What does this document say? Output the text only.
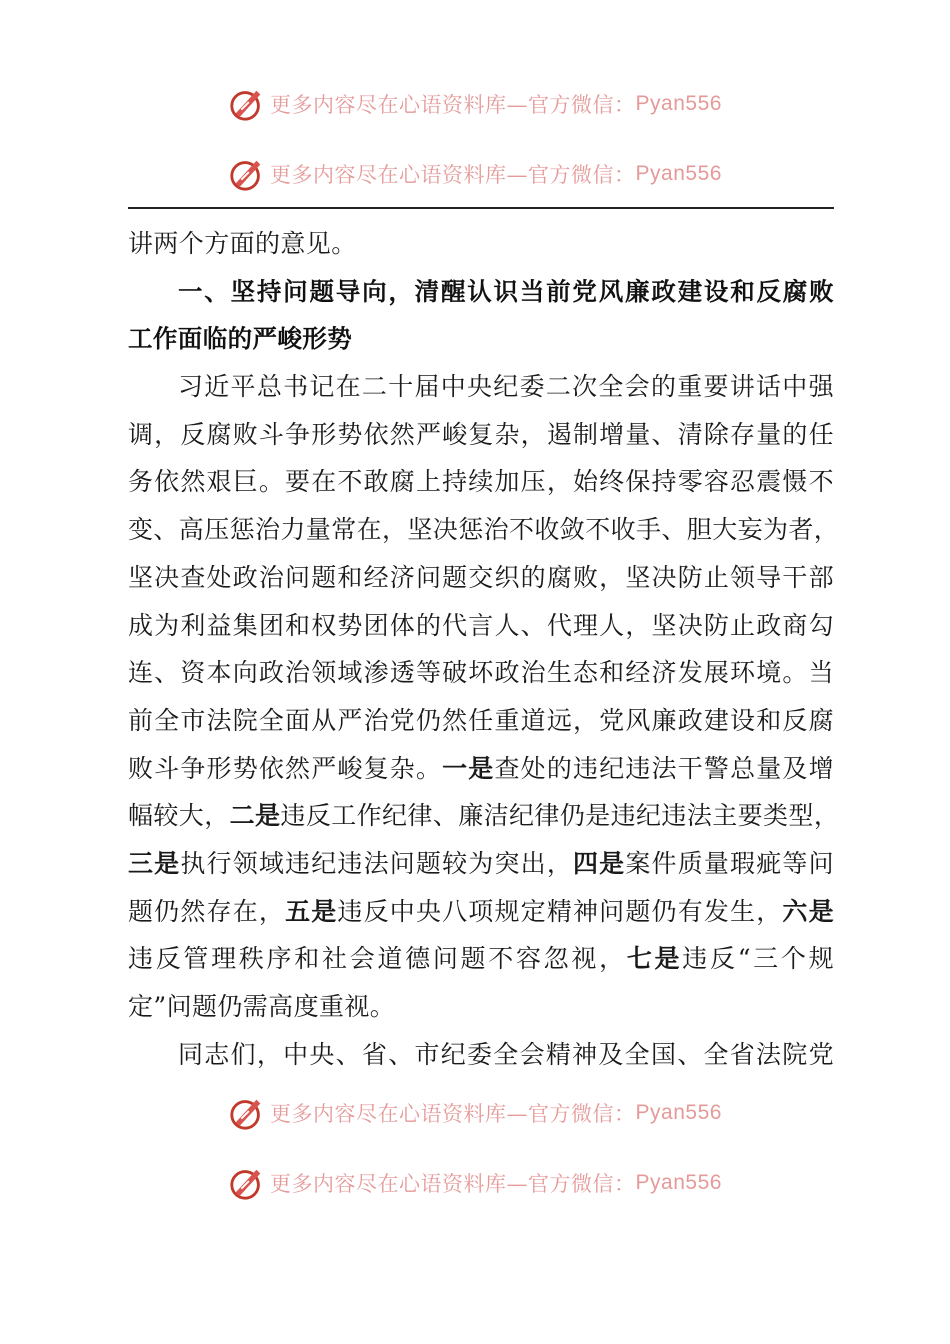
更多内容尽在心语资料库—官方微信： Pyan556
更多内容尽在心语资料库—官方微信： Pyan556
讲两个方面的意见。
一、坚持问题导向，清醒认识当前党风廉政建设和反腐败
工作面临的严峻形势
习近平总书记在二十届中央纪委二次全会的重要讲话中强
调，反腐败斗争形势依然严峻复杂，遏制增量、清除存量的任
务依然艰巨。要在不敢腐上持续加压，始终保持零容忍震慑不
变、高压惩治力量常在，坚决惩治不收敛不收手、胆大妄为者，
坚决查处政治问题和经济问题交织的腐败，坚决防止领导干部
成为利益集团和权势团体的代言人、代理人，坚决防止政商勾
连、资本向政治领域渗透等破坏政治生态和经济发展环境。当
前全市法院全面从严治党仍然任重道远，党风廉政建设和反腐
败斗争形势依然严峻复杂。一是查处的违纪违法干警总量及增
幅较大，二是违反工作纪律、廉洁纪律仍是违纪违法主要类型，
三是执行领域违纪违法问题较为突出，四是案件质量瑕疵等问
题仍然存在，五是违反中央八项规定精神问题仍有发生，六是
违反管理秩序和社会道德问题不容忽视，七是违反“三个规
定”问题仍需高度重视。
同志们，中央、省、市纪委全会精神及全国、全省法院党
更多内容尽在心语资料库—官方微信： Pyan556
更多内容尽在心语资料库—官方微信： Pyan556
